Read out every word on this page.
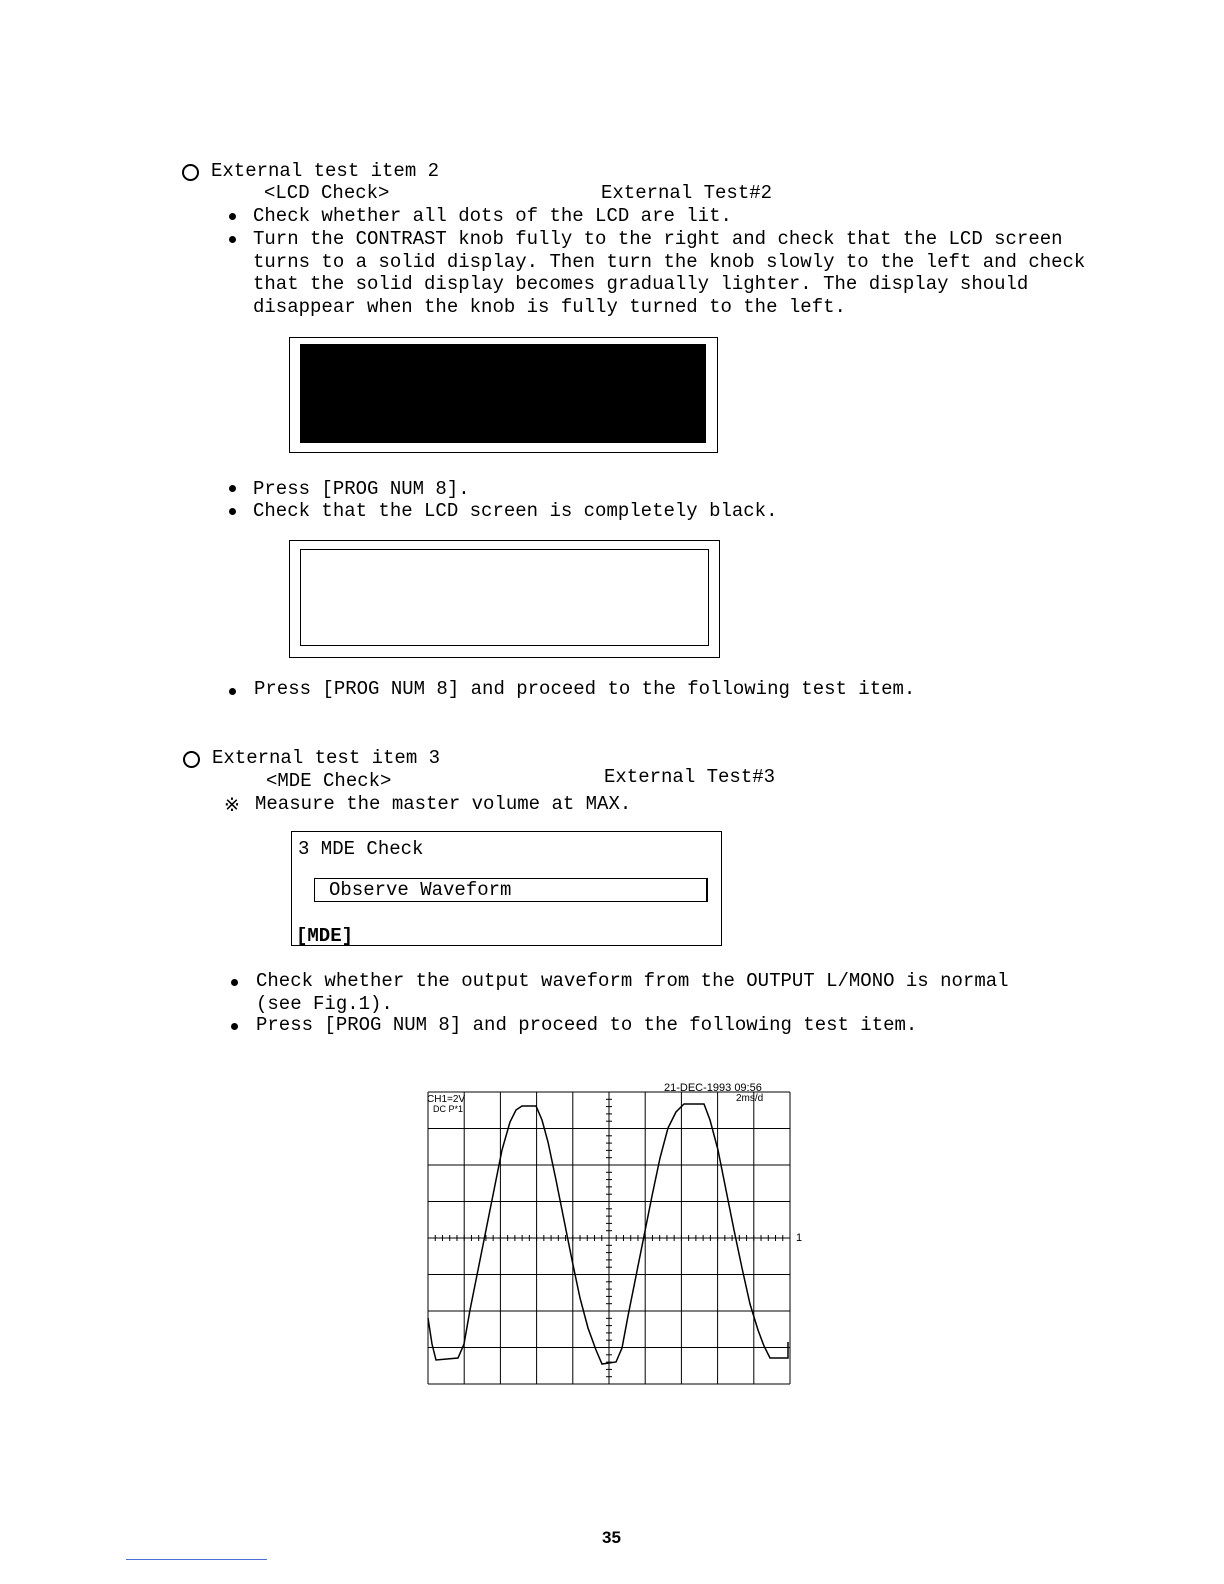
External test item 2
<LCD Check>	External Test#2
Check whether all dots of the LCD are lit.
Turn the CONTRAST knob fully to the right and check that the LCD screen
turns to a solid display. Then turn the knob slowly to the left and check
that the solid display becomes gradually lighter. The display should
disappear when the knob is fully turned to the left.
Press [PROG NUM 8].
Check that the LCD screen is completely black.
Press [PROG NUM 8] and proceed to the following test item.
External test item 3
<MDE Check>	External Test#3
※ Measure the master volume at MAX.
3 MDE Check
Observe Waveform
[MDE]
Check whether the output waveform from the OUTPUT L/MONO is normal
(see Fig.1).
Press [PROG NUM 8] and proceed to the following test item.
21-DEC-1993 09:56
2ms/d
CH1=2V
DC P*1
1
35
